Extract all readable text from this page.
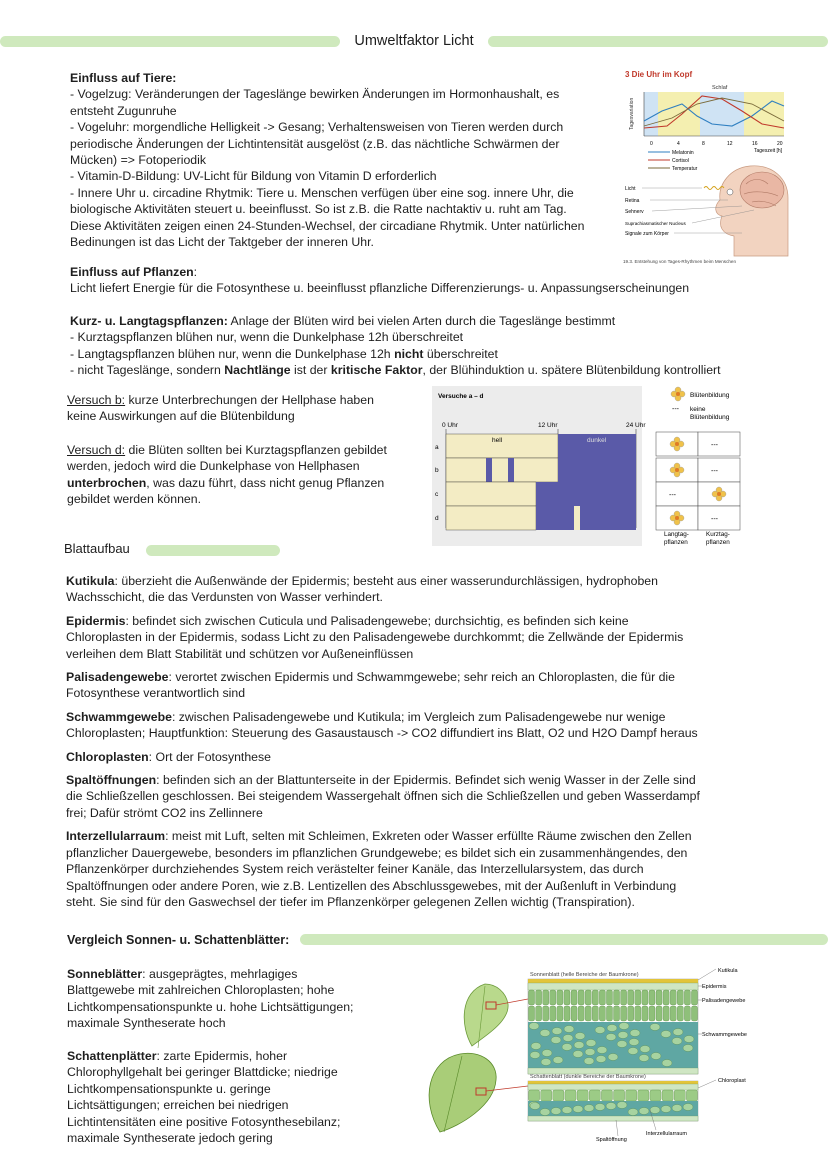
Umweltfaktor Licht

Einfluss auf Tiere:

- Vogelzug: Veränderungen der Tageslänge bewirken Änderungen im Hormonhaushalt, es

entsteht Zugunruhe

- Vogeluhr: morgendliche Helligkeit -> Gesang; Verhaltensweisen von Tieren werden durch

periodische Änderungen der Lichtintensität ausgelöst (z.B. das nächtliche Schwärmen der

Mücken) => Fotoperiodik

- Vitamin-D-Bildung: UV-Licht für Bildung von Vitamin D erforderlich

- Innere Uhr u. circadine Rhytmik: Tiere u. Menschen verfügen über eine sog. innere Uhr, die

biologische Aktivitäten steuert u. beeinflusst. So ist z.B. die Ratte nachtaktiv u. ruht am Tag.

Diese Aktivitäten zeigen einen 24-Stunden-Wechsel, der circadiane Rhytmik. Unter natürlichen

Bedinungen ist das Licht der Taktgeber der inneren Uhr.

3 Die Uhr im Kopf
Schlaf
Tagesvariation
0	4	8	12	16	20
Tageszeit [h]
Melatonin
Cortisol
Temperatur
Licht
Retina
Sehnerv
Suprachiasmatischer Nucleus
Signale zum Körper
19.3. Entstehung von Tages-Rhythmen beim Menschen

Einfluss auf Pflanzen:

Licht liefert Energie für die Fotosynthese u. beeinflusst pflanzliche Differenzierungs- u. Anpassungserscheinungen

Kurz- u. Langtagspflanzen: Anlage der Blüten wird bei vielen Arten durch die Tageslänge bestimmt

- Kurztagspflanzen blühen nur, wenn die Dunkelphase 12h überschreitet

- Langtagspflanzen blühen nur, wenn die Dunkelphase 12h nicht überschreitet

- nicht Tageslänge, sondern Nachtlänge ist der kritische Faktor, der Blühinduktion u. spätere Blütenbildung kontrolliert

Versuch b: kurze Unterbrechungen der Hellphase haben

keine Auswirkungen auf die Blütenbildung

Versuch d: die Blüten sollten bei Kurztagspflanzen gebildet

werden, jedoch wird die Dunkelphase von Hellphasen

unterbrochen, was dazu führt, dass nicht genug Pflanzen

gebildet werden können.

Versuche a – d
0 Uhr	12 Uhr	24 Uhr
hell	dunkel
a
b
c
d
Blütenbildung
--- keine
Blütenbildung
---
---
---
---
Langtag-
pflanzen
Kurztag-
pflanzen
Blattaufbau

Kutikula: überzieht die Außenwände der Epidermis; besteht aus einer wasserundurchlässigen, hydrophoben

Wachsschicht, die das Verdunsten von Wasser verhindert.

Epidermis: befindet sich zwischen Cuticula und Palisadengewebe; durchsichtig, es befinden sich keine

Chloroplasten in der Epidermis, sodass Licht zu den Palisadengewebe durchkommt; die Zellwände der Epidermis

verleihen dem Blatt Stabilität und schützen vor Außeneinflüssen

Palisadengewebe: verortet zwischen Epidermis und Schwammgewebe; sehr reich an Chloroplasten, die für die

Fotosynthese verantwortlich sind

Schwammgewebe: zwischen Palisadengewebe und Kutikula; im Vergleich zum Palisadengewebe nur wenige

Chloroplasten; Hauptfunktion: Steuerung des Gasaustausch -> CO2 diffundiert ins Blatt, O2 und H2O Dampf heraus

Chloroplasten: Ort der Fotosynthese

Spaltöffnungen: befinden sich an der Blattunterseite in der Epidermis. Befindet sich wenig Wasser in der Zelle sind

die Schließzellen geschlossen. Bei steigendem Wassergehalt öffnen sich die Schließzellen und geben Wasserdampf

frei; Dafür strömt CO2 ins Zellinnere

Interzellularraum: meist mit Luft, selten mit Schleimen, Exkreten oder Wasser erfüllte Räume zwischen den Zellen

pflanzlicher Dauergewebe, besonders im pflanzlichen Grundgewebe; es bildet sich ein zusammenhängendes, den

Pflanzenkörper durchziehendes System reich verästelter feiner Kanäle, das Interzellularsystem, das durch

Spaltöffnungen oder andere Poren, wie z.B. Lentizellen des Abschlussgewebes, mit der Außenluft in Verbindung

steht. Sie sind für den Gaswechsel der tiefer im Pflanzenkörper gelegenen Zellen wichtig (Transpiration).

Vergleich Sonnen- u. Schattenblätter:

Sonneblätter: ausgeprägtes, mehrlagiges

Blattgewebe mit zahlreichen Chloroplasten; hohe

Lichtkompensationspunkte u. hohe Lichtsättigungen;

maximale Syntheserate hoch

Schattenplätter: zarte Epidermis, hoher

Chlorophyllgehalt bei geringer Blattdicke; niedrige

Lichtkompensationspunkte u. geringe

Lichtsättigungen; erreichen bei niedrigen

Lichtintensitäten eine positive Fotosynthesebilanz;

maximale Syntheserate jedoch gering

Sonnenblatt (helle Bereiche der Baumkrone)
Schattenblatt (dunkle Bereiche der Baumkrone)
Kutikula
Epidermis
Palisadengewebe
Schwammgewebe
Chloroplast
Spaltöffnung
Interzellularraum
